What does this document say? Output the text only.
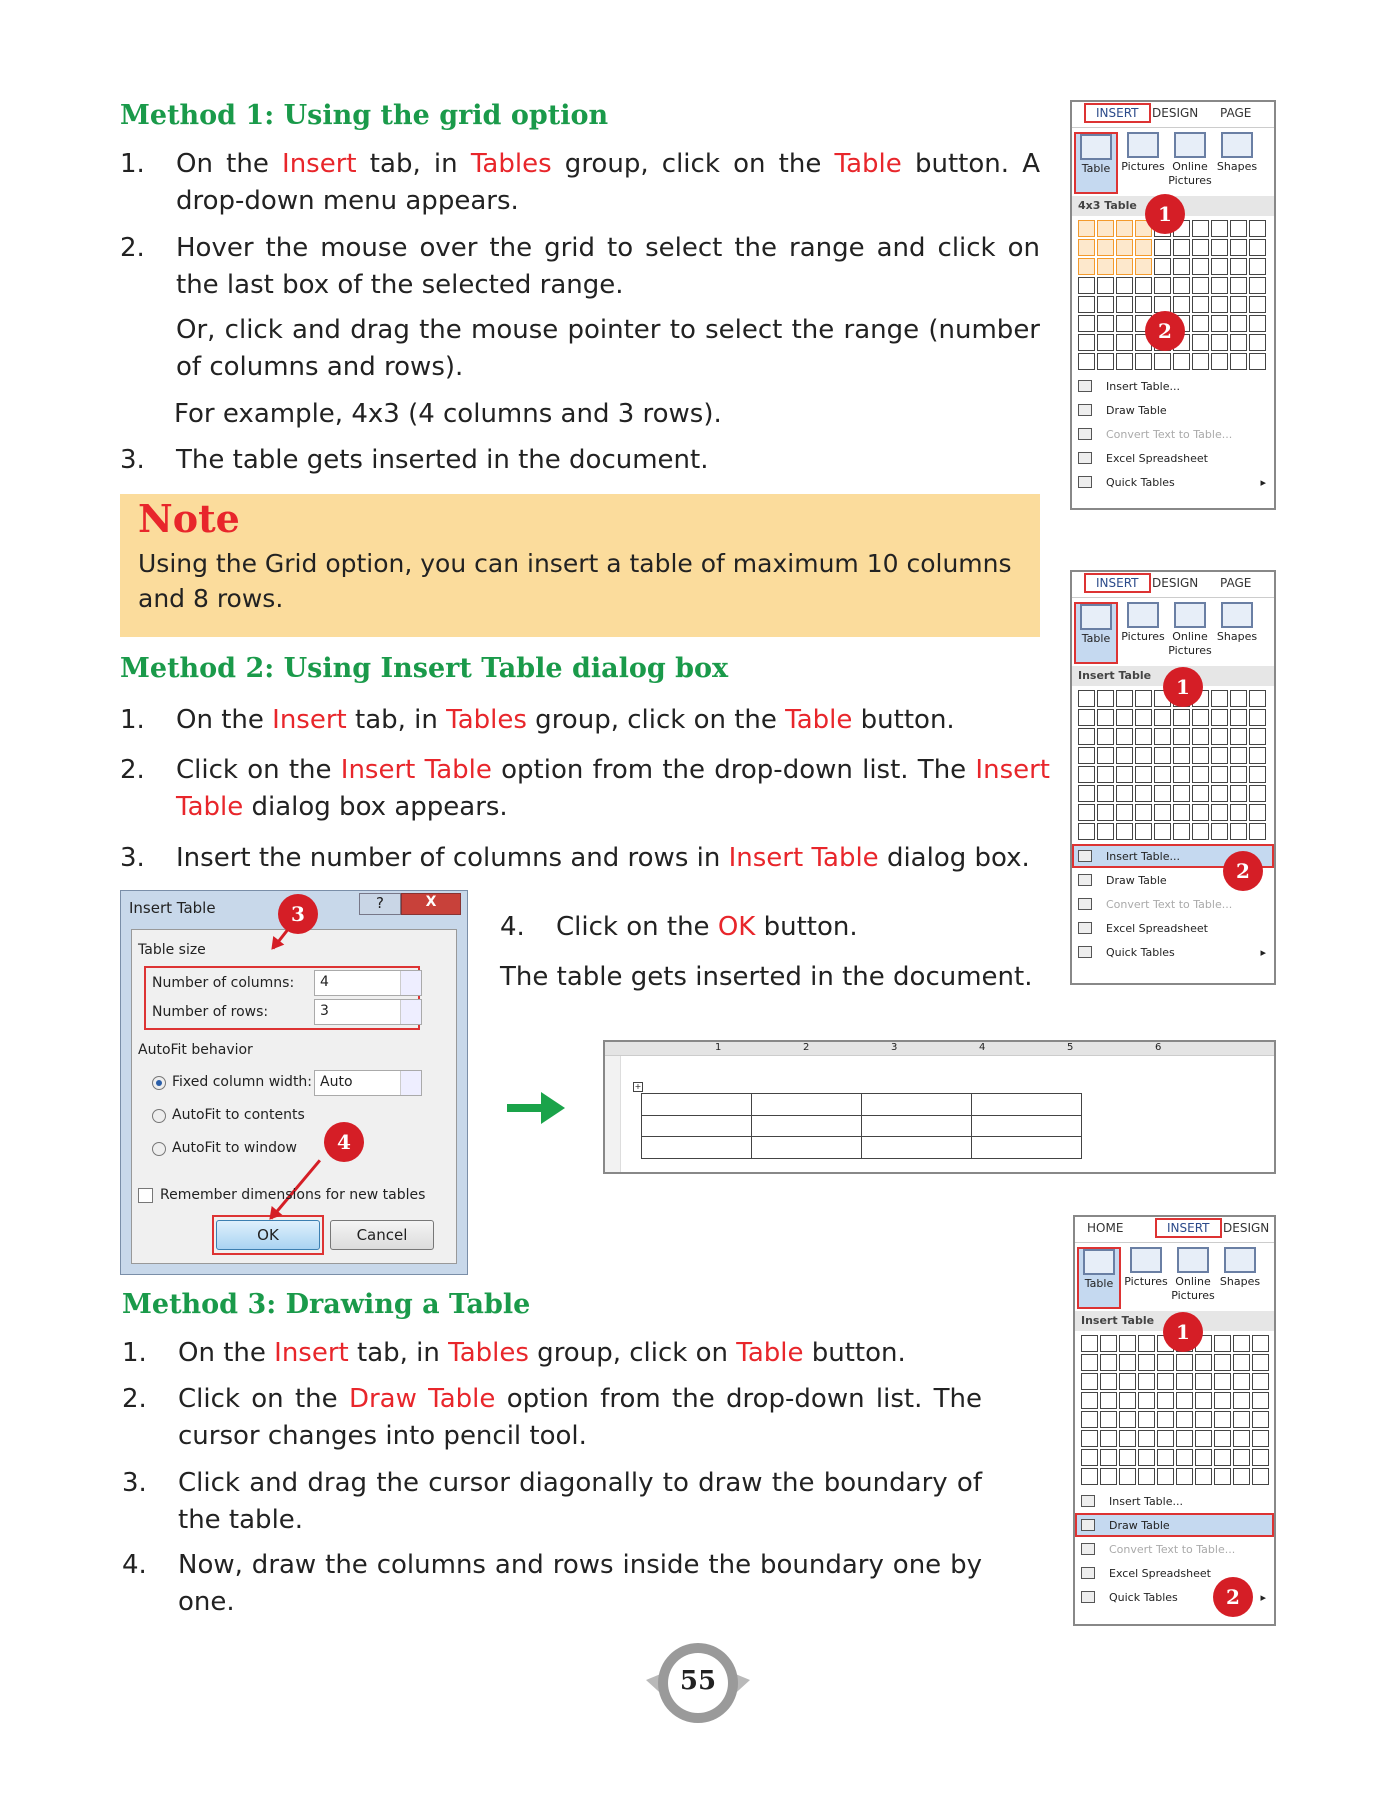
Method 1: Using the grid option
1. On the Insert tab, in Tables group, click on the Table button. A drop-down menu appears.
2. Hover the mouse over the grid to select the range and click on the last box of the selected range.
Or, click and drag the mouse pointer to select the range (number of columns and rows).
For example, 4x3 (4 columns and 3 rows).
3. The table gets inserted in the document.
Note
Using the Grid option, you can insert a table of maximum 10 columns and 8 rows.
Method 2: Using Insert Table dialog box
1. On the Insert tab, in Tables group, click on the Table button.
2. Click on the Insert Table option from the drop-down list. The Insert Table dialog box appears.
3. Insert the number of columns and rows in Insert Table dialog box.
4. Click on the OK button.
The table gets inserted in the document.
Method 3: Drawing a Table
1. On the Insert tab, in Tables group, click on Table button.
2. Click on the Draw Table option from the drop-down list. The cursor changes into pencil tool.
3. Click and drag the cursor diagonally to draw the boundary of the table.
4. Now, draw the columns and rows inside the boundary one by one.
Insert Table	?	X
Table size
Number of columns:	4
Number of rows:	3
AutoFit behavior
Fixed column width: Auto
AutoFit to contents
AutoFit to window
Remember dimensions for new tables
OK	Cancel
3
4
1	2	3	4	5	6
+

INSERT	DESIGN PAGE
Table	Pictures Online Pictures
Shapes
4x3 Table
Insert Table...
Draw Table
Convert Text to Table...
Excel Spreadsheet
Quick Tables	▸
1
2
INSERT	DESIGN PAGE
Table	Pictures Online Pictures
Shapes
Insert Table
Insert Table...
Draw Table
Convert Text to Table...
Excel Spreadsheet
Quick Tables	▸
1
2
HOME	INSERT	DESIGN
Table	Pictures Online Pictures
Shapes
Insert Table
Insert Table...
Draw Table
Convert Text to Table...
Excel Spreadsheet
Quick Tables	▸
1
2
55
